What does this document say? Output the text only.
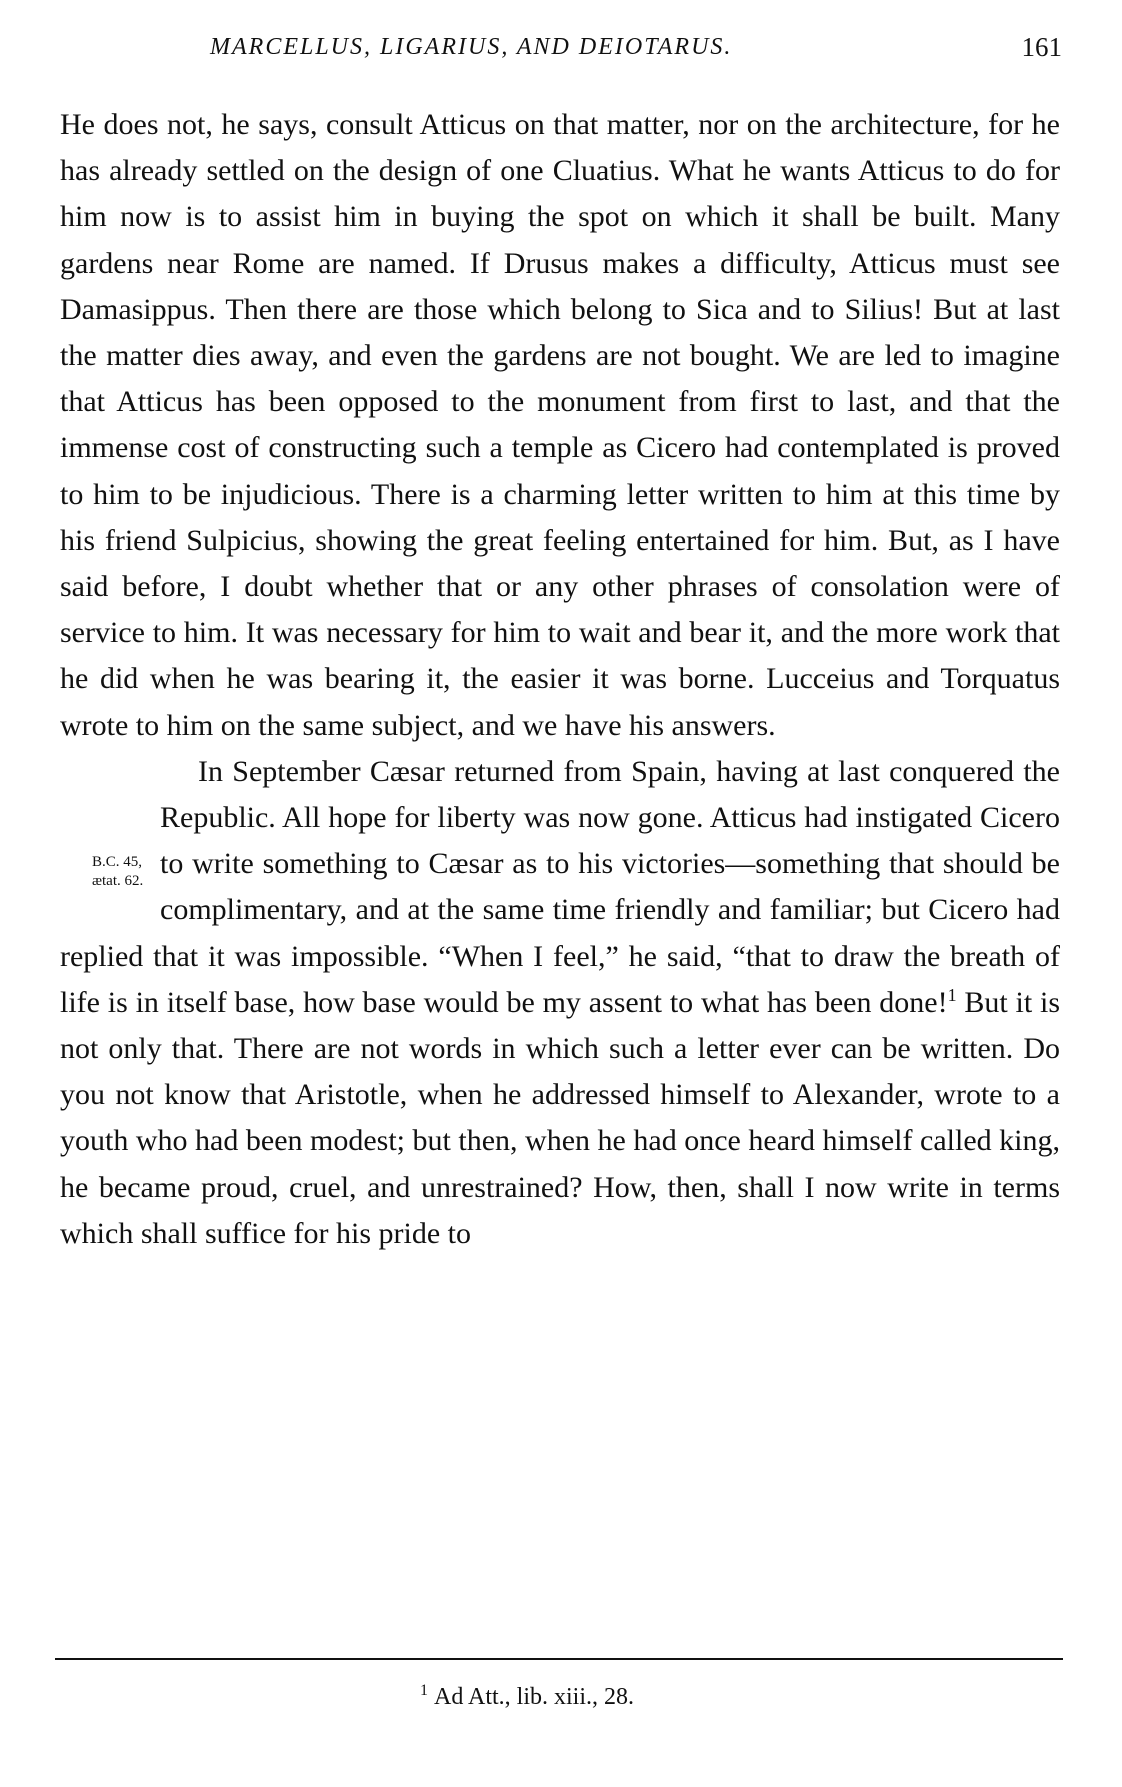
MARCELLUS, LIGARIUS, AND DEIOTARUS.	161

He does not, he says, consult Atticus on that matter, nor on the architecture, for he has already settled on the design of one Cluatius. What he wants Atticus to do for him now is to assist him in buying the spot on which it shall be built. Many gardens near Rome are named. If Drusus makes a difficulty, Atticus must see Damasippus. Then there are those which belong to Sica and to Silius! But at last the matter dies away, and even the gardens are not bought. We are led to imagine that Atticus has been opposed to the monument from first to last, and that the immense cost of constructing such a temple as Cicero had contemplated is proved to him to be injudicious. There is a charming letter written to him at this time by his friend Sulpicius, showing the great feeling entertained for him. But, as I have said before, I doubt whether that or any other phrases of consolation were of service to him. It was necessary for him to wait and bear it, and the more work that he did when he was bearing it, the easier it was borne. Lucceius and Torquatus wrote to him on the same subject, and we have his answers.

B.C. 45,
ætat. 62.
In September Cæsar returned from Spain, having at last conquered the Republic. All hope for liberty was now gone. Atticus had instigated Cicero to write something to Cæsar as to his victories—something that should be complimentary, and at the same time friendly and familiar; but Cicero had replied that it was impossible. “When I feel,” he said, “that to draw the breath of life is in itself base, how base would be my assent to what has been done!$^1$ But it is not only that. There are not words in which such a letter ever can be written. Do you not know that Aristotle, when he addressed himself to Alexander, wrote to a youth who had been modest; but then, when he had once heard himself called king, he became proud, cruel, and unrestrained? How, then, shall I now write in terms which shall suffice for his pride to

$^1$ Ad Att., lib. xiii., 28.
